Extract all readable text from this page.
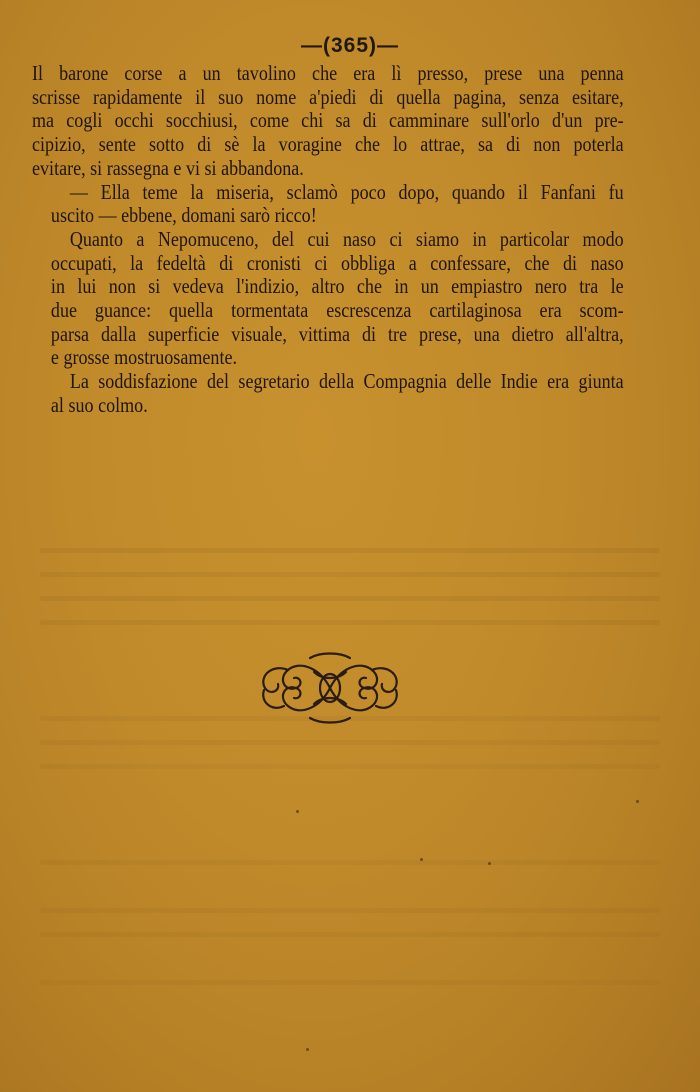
—(365)—

Il barone corse a un tavolino che era lì presso, prese una penna
scrisse rapidamente il suo nome a'piedi di quella pagina, senza esitare,
ma cogli occhi socchiusi, come chi sa di camminare sull'orlo d'un pre-
cipizio, sente sotto di sè la voragine che lo attrae, sa di non poterla
evitare, si rassegna e vi si abbandona.

— Ella teme la miseria, sclamò poco dopo, quando il Fanfani fu
uscito — ebbene, domani sarò ricco!

Quanto a Nepomuceno, del cui naso ci siamo in particolar modo
occupati, la fedeltà di cronisti ci obbliga a confessare, che di naso
in lui non si vedeva l'indizio, altro che in un empiastro nero tra le
due guance: quella tormentata escrescenza cartilaginosa era scom-
parsa dalla superficie visuale, vittima di tre prese, una dietro all'altra,
e grosse mostruosamente.

La soddisfazione del segretario della Compagnia delle Indie era giunta
al suo colmo.
